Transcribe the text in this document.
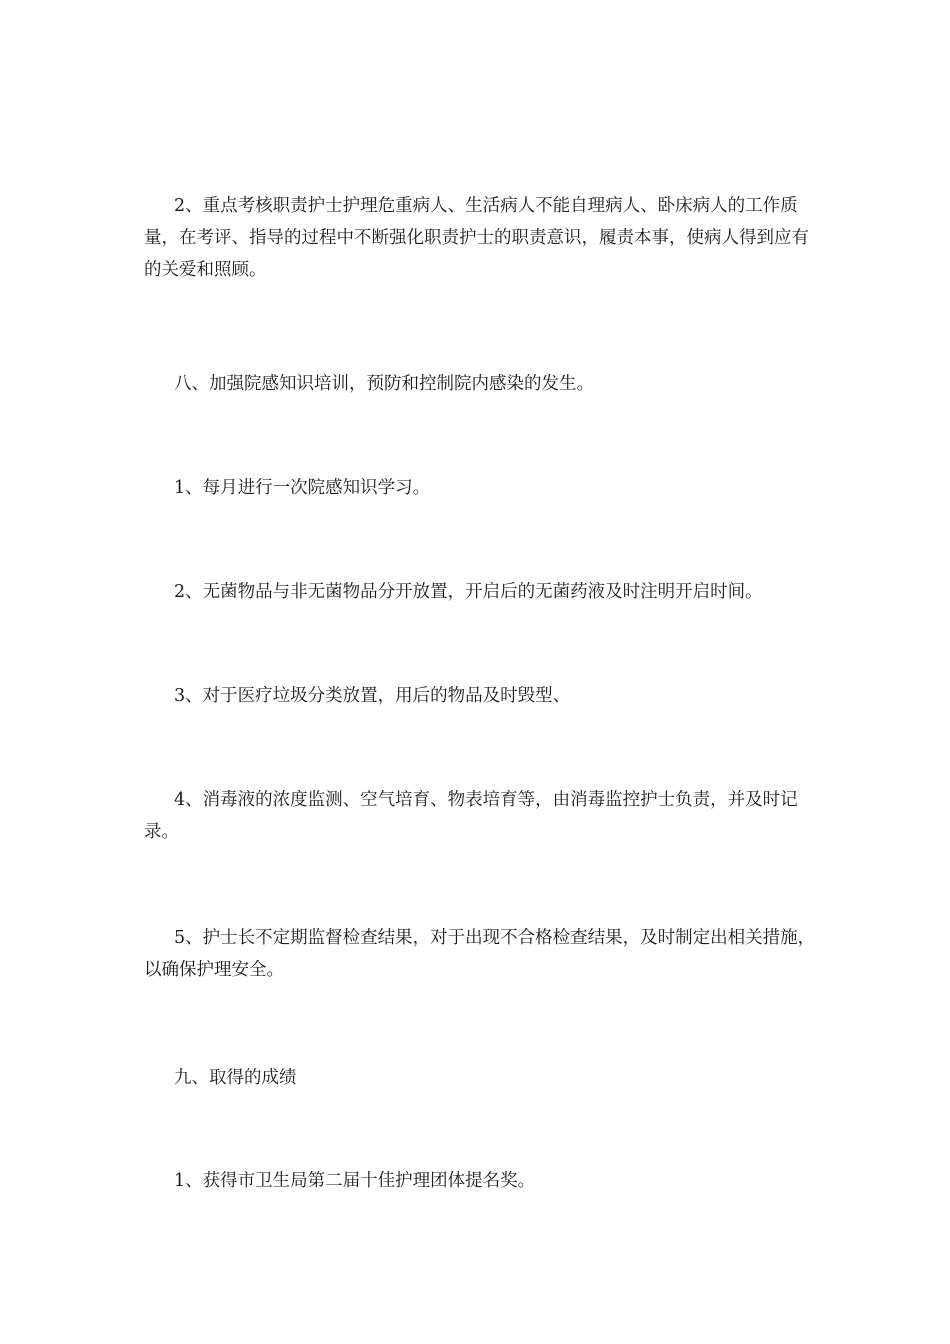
2、重点考核职责护士护理危重病人、生活病人不能自理病人、卧床病人的工作质量，在考评、指导的过程中不断强化职责护士的职责意识，履责本事，使病人得到应有的关爱和照顾。

八、加强院感知识培训，预防和控制院内感染的发生。

1、每月进行一次院感知识学习。

2、无菌物品与非无菌物品分开放置，开启后的无菌药液及时注明开启时间。

3、对于医疗垃圾分类放置，用后的物品及时毁型、

4、消毒液的浓度监测、空气培育、物表培育等，由消毒监控护士负责，并及时记录。

5、护士长不定期监督检查结果，对于出现不合格检查结果，及时制定出相关措施，以确保护理安全。

九、取得的成绩

1、获得市卫生局第二届十佳护理团体提名奖。
